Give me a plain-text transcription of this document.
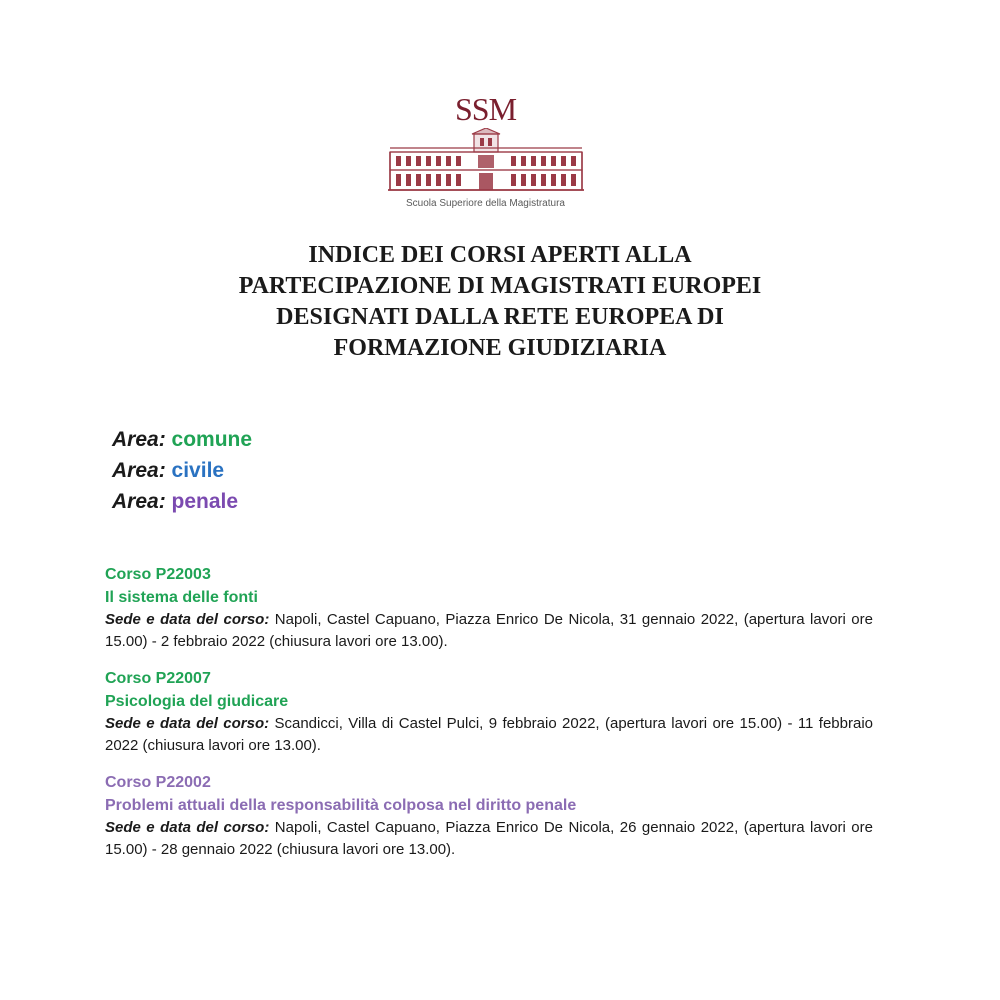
SSM
Scuola Superiore della Magistratura
INDICE DEI CORSI APERTI ALLA
PARTECIPAZIONE DI MAGISTRATI EUROPEI
DESIGNATI DALLA RETE EUROPEA DI
FORMAZIONE GIUDIZIARIA
Area: comune
Area: civile
Area: penale
Corso P22003
Il sistema delle fonti
Sede e data del corso: Napoli, Castel Capuano, Piazza Enrico De Nicola, 31 gennaio 2022, (apertura lavori ore 15.00) - 2 febbraio 2022 (chiusura lavori ore 13.00).
Corso P22007
Psicologia del giudicare
Sede e data del corso: Scandicci, Villa di Castel Pulci, 9 febbraio 2022, (apertura lavori ore 15.00) - 11 febbraio 2022 (chiusura lavori ore 13.00).
Corso P22002
Problemi attuali della responsabilità colposa nel diritto penale
Sede e data del corso: Napoli, Castel Capuano, Piazza Enrico De Nicola, 26 gennaio 2022, (apertura lavori ore 15.00) - 28 gennaio 2022 (chiusura lavori ore 13.00).
